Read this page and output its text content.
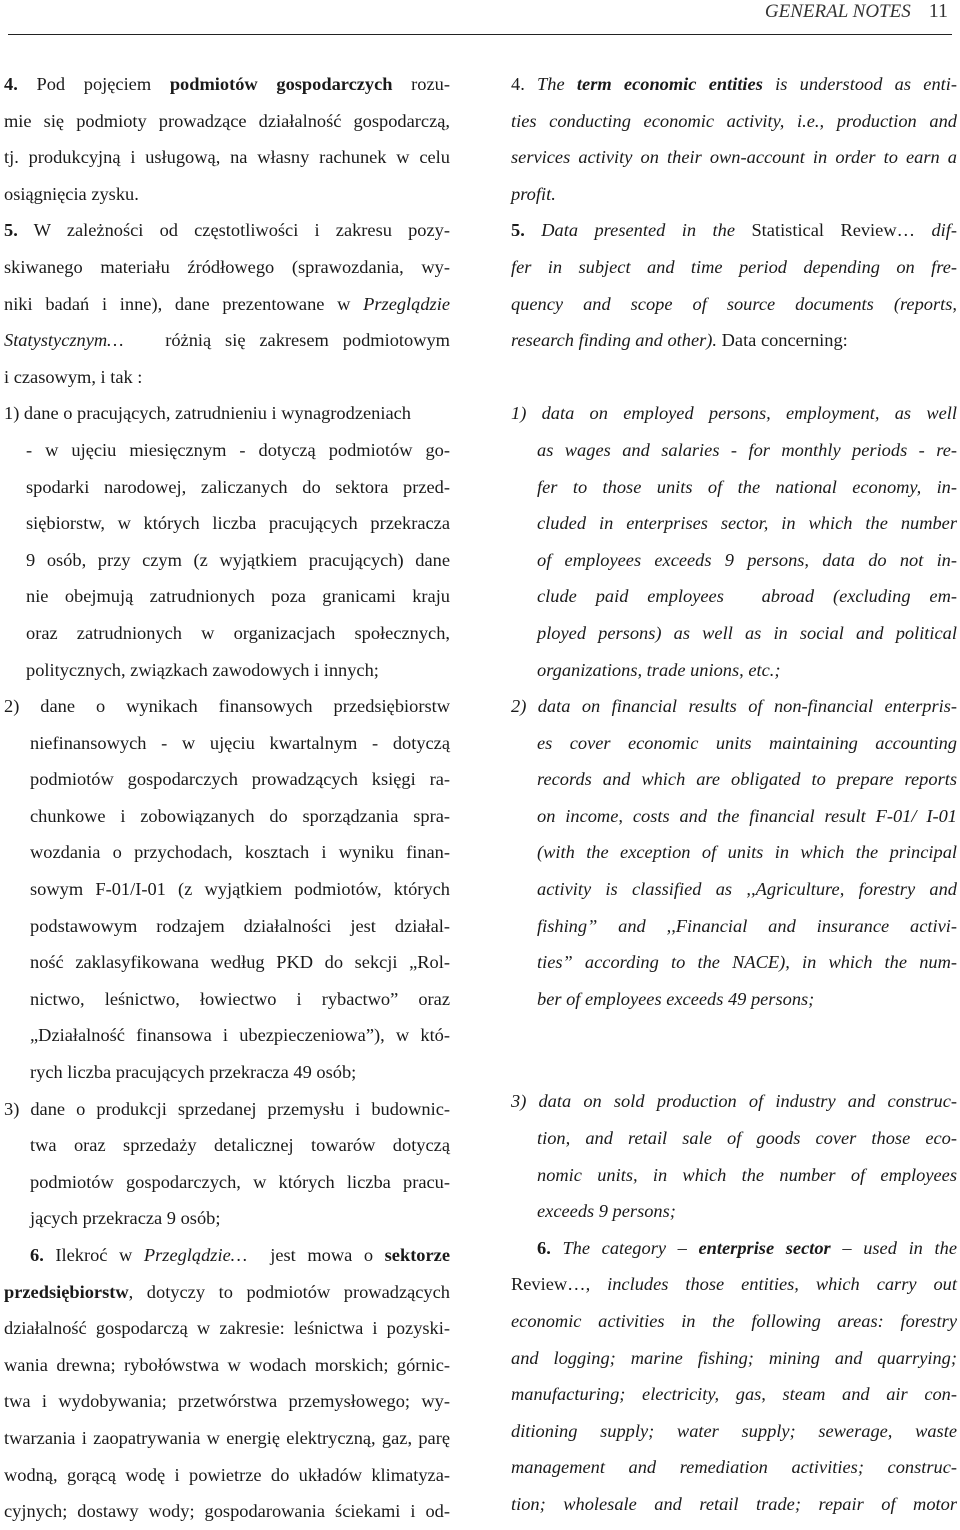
GENERAL NOTES 11
4. Pod pojęciem podmiotów gospodarczych rozu-
mie się podmioty prowadzące działalność gospodarczą,
tj. produkcyjną i usługową, na własny rachunek w celu
osiągnięcia zysku.
5. W zależności od częstotliwości i zakresu pozy-
skiwanego materiału źródłowego (sprawozdania, wy-
niki badań i inne), dane prezentowane w Przeglądzie
Statystycznym…   różnią się zakresem podmiotowym
i czasowym, i tak :
1) dane o pracujących, zatrudnieniu i wynagrodzeniach
- w ujęciu miesięcznym - dotyczą podmiotów go-
spodarki narodowej, zaliczanych do sektora przed-
siębiorstw, w których liczba pracujących przekracza
9 osób, przy czym (z wyjątkiem pracujących) dane
nie obejmują zatrudnionych poza granicami kraju
oraz zatrudnionych w organizacjach społecznych,
politycznych, związkach zawodowych i innych;
2) dane o wynikach finansowych przedsiębiorstw
niefinansowych - w ujęciu kwartalnym - dotyczą
podmiotów gospodarczych prowadzących księgi ra-
chunkowe i zobowiązanych do sporządzania spra-
wozdania o przychodach, kosztach i wyniku finan-
sowym F-01/I-01 (z wyjątkiem podmiotów, których
podstawowym rodzajem działalności jest działal-
ność zaklasyfikowana według PKD do sekcji „Rol-
nictwo, leśnictwo, łowiectwo i rybactwo” oraz
„Działalność finansowa i ubezpieczeniowa”), w któ-
rych liczba pracujących przekracza 49 osób;
3) dane o produkcji sprzedanej przemysłu i budownic-
twa oraz sprzedaży detalicznej towarów dotyczą
podmiotów gospodarczych, w których liczba pracu-
jących przekracza 9 osób;
6. Ilekroć w Przeglądzie…  jest mowa o sektorze
przedsiębiorstw, dotyczy to podmiotów prowadzących
działalność gospodarczą w zakresie: leśnictwa i pozyski-
wania drewna; rybołówstwa w wodach morskich; górnic-
twa i wydobywania; przetwórstwa przemysłowego; wy-
twarzania i zaopatrywania w energię elektryczną, gaz, parę
wodną, gorącą wodę i powietrze do układów klimatyza-
cyjnych; dostawy wody; gospodarowania ściekami i od-
4. The term economic entities is understood as enti-
ties conducting economic activity, i.e., production and
services activity on their own-account in order to earn a
profit.
5. Data presented in the Statistical Review… dif-
fer in subject and time period depending on fre-
quency and scope of source documents (reports,
research finding and other). Data concerning:
1) data on employed persons, employment, as well
as wages and salaries - for monthly periods - re-
fer to those units of the national economy, in-
cluded in enterprises sector, in which the number
of employees exceeds 9 persons, data do not in-
clude paid employees  abroad (excluding em-
ployed persons) as well as in social and political
organizations, trade unions, etc.;
2) data on financial results of non-financial enterpris-
es cover economic units maintaining accounting
records and which are obligated to prepare reports
on income, costs and the financial result F-01/ I-01
(with the exception of units in which the principal
activity is classified as ,,Agriculture, forestry and
fishing” and ,,Financial and insurance activi-
ties” according to the NACE), in which the num-
ber of employees exceeds 49 persons;
3) data on sold production of industry and construc-
tion, and retail sale of goods cover those eco-
nomic units, in which the number of employees
exceeds 9 persons;
6. The category – enterprise sector – used in the
Review…, includes those entities, which carry out
economic activities in the following areas: forestry
and logging; marine fishing; mining and quarrying;
manufacturing; electricity, gas, steam and air con-
ditioning supply; water supply; sewerage, waste
management and remediation activities; construc-
tion; wholesale and retail trade; repair of motor
